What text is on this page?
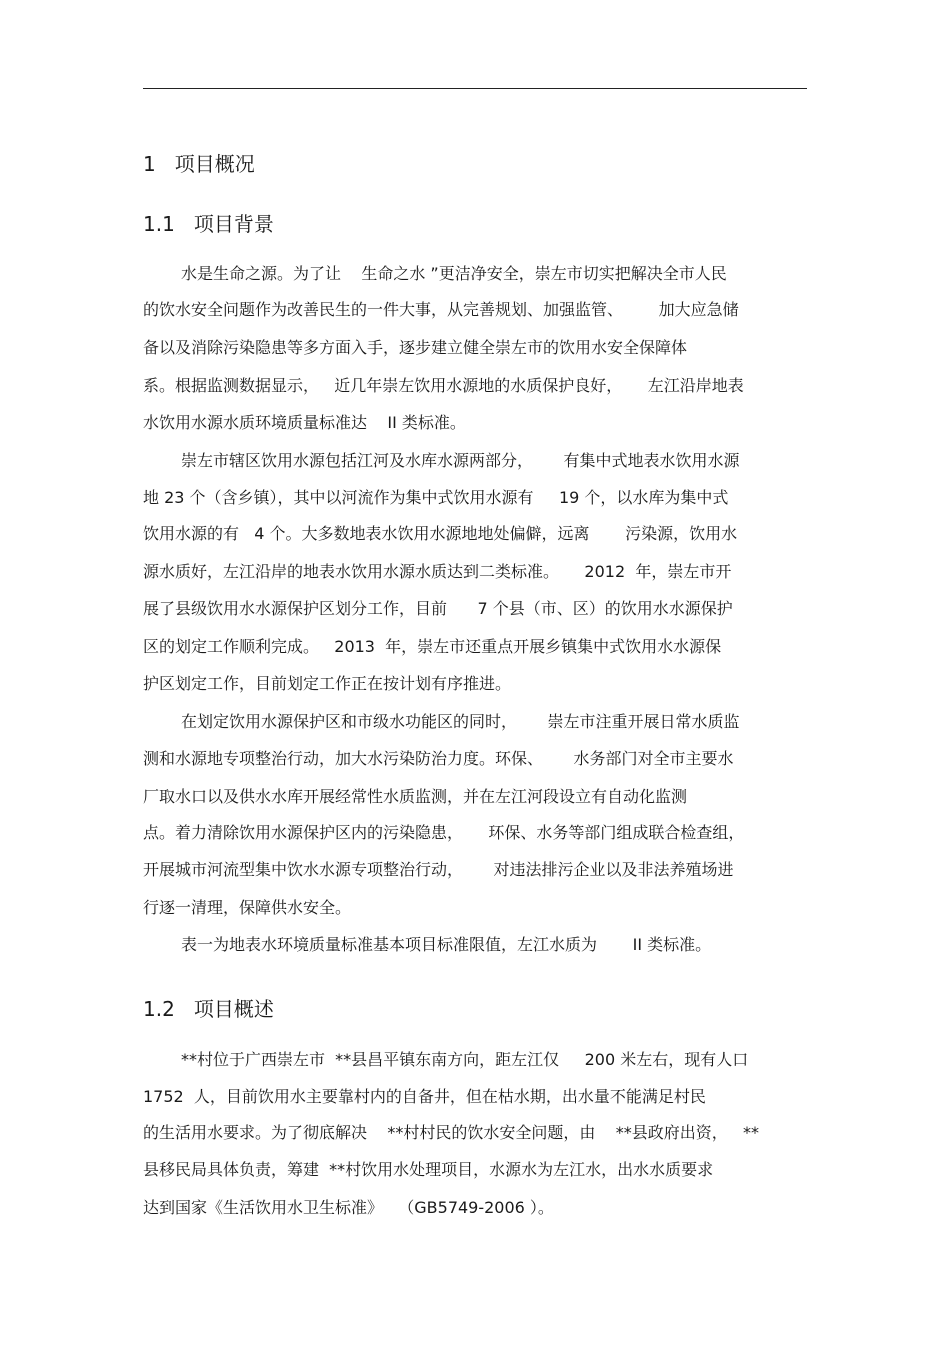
1   项目概况
1.1   项目背景
水是生命之源。为了让    生命之水 ”更洁净安全，崇左市切实把解决全市人民
的饮水安全问题作为改善民生的一件大事，从完善规划、加强监管、       加大应急储
备以及消除污染隐患等多方面入手，逐步建立健全崇左市的饮用水安全保障体
系。根据监测数据显示，   近几年崇左饮用水源地的水质保护良好，     左江沿岸地表
水饮用水源水质环境质量标准达    II 类标准。
崇左市辖区饮用水源包括江河及水库水源两部分，      有集中式地表水饮用水源
地 23 个（含乡镇），其中以河流作为集中式饮用水源有     19 个，以水库为集中式
饮用水源的有   4 个。大多数地表水饮用水源地地处偏僻，远离       污染源，饮用水
源水质好，左江沿岸的地表水饮用水源水质达到二类标准。     2012  年，崇左市开
展了县级饮用水水源保护区划分工作，目前      7 个县（市、区）的饮用水水源保护
区的划定工作顺利完成。   2013  年，崇左市还重点开展乡镇集中式饮用水水源保
护区划定工作，目前划定工作正在按计划有序推进。
在划定饮用水源保护区和市级水功能区的同时，      崇左市注重开展日常水质监
测和水源地专项整治行动，加大水污染防治力度。环保、      水务部门对全市主要水
厂取水口以及供水水库开展经常性水质监测，并在左江河段设立有自动化监测
点。着力清除饮用水源保护区内的污染隐患，     环保、水务等部门组成联合检查组，
开展城市河流型集中饮水水源专项整治行动，      对违法排污企业以及非法养殖场进
行逐一清理，保障供水安全。
表一为地表水环境质量标准基本项目标准限值，左江水质为       II 类标准。
1.2   项目概述
**村位于广西崇左市  **县昌平镇东南方向，距左江仅     200 米左右，现有人口
1752  人，目前饮用水主要靠村内的自备井，但在枯水期，出水量不能满足村民
的生活用水要求。为了彻底解决    **村村民的饮水安全问题，由    **县政府出资，   **
县移民局具体负责，筹建  **村饮用水处理项目，水源水为左江水，出水水质要求
达到国家《生活饮用水卫生标准》   （GB5749-2006 ）。
